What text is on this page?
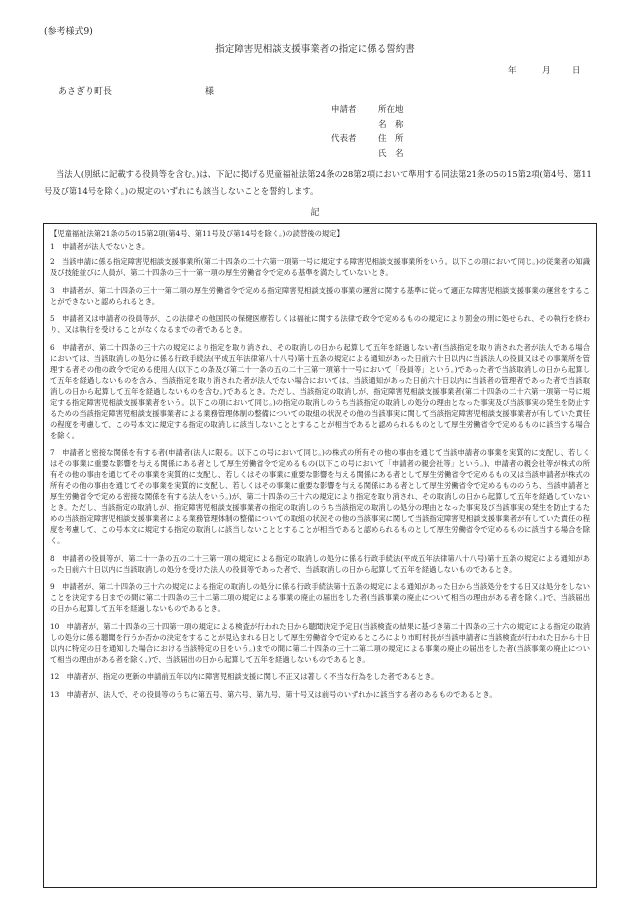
(参考様式9)
指定障害児相談支援事業者の指定に係る誓約書
年	月	日
あさぎり町長	様
申請者	所在地
名　称
代表者	住　所
氏　名

当法人(別紙に記載する役員等を含む。)は、下記に掲げる児童福祉法第24条の28第2項において準用する同法第21条の5の15第2項(第4号、第11号及び第14号を除く。)の規定のいずれにも該当しないことを誓約します。

記
【児童福祉法第21条の5の15第2項(第4号、第11号及び第14号を除く。)の読替後の規定】
1　申請者が法人でないとき。
2　当該申請に係る指定障害児相談支援事業所(第二十四条の二十六第一項第一号に規定する障害児相談支援事業所をいう。以下この項において同じ。)の従業者の知識及び技能並びに人員が、第二十四条の三十一第一項の厚生労働省令で定める基準を満たしていないとき。
3　申請者が、第二十四条の三十一第二項の厚生労働省令で定める指定障害児相談支援の事業の運営に関する基準に従って適正な障害児相談支援事業の運営をすることができないと認められるとき。
5　申請者又は申請者の役員等が、この法律その他国民の保健医療若しくは福祉に関する法律で政令で定めるものの規定により罰金の刑に処せられ、その執行を終わり、又は執行を受けることがなくなるまでの者であるとき。
6　申請者が、第二十四条の三十六の規定により指定を取り消され、その取消しの日から起算して五年を経過しない者(当該指定を取り消された者が法人である場合においては、当該取消しの処分に係る行政手続法(平成五年法律第八十八号)第十五条の規定による通知があった日前六十日以内に当該法人の役員又はその事業所を管理する者その他の政令で定める使用人(以下この条及び第二十一条の五の二十三第一項第十一号において「役員等」という。)であった者で当該取消しの日から起算して五年を経過しないものを含み、当該指定を取り消された者が法人でない場合においては、当該通知があった日前六十日以内に当該者の管理者であった者で当該取消しの日から起算して五年を経過しないものを含む。)であるとき。ただし、当該指定の取消しが、指定障害児相談支援事業者(第二十四条の二十六第一項第一号に規定する指定障害児相談支援事業者をいう。以下この項において同じ。)の指定の取消しのうち当該指定の取消しの処分の理由となった事実及び当該事実の発生を防止するための当該指定障害児相談支援事業者による業務管理体制の整備についての取組の状況その他の当該事実に関して当該指定障害児相談支援事業者が有していた責任の程度を考慮して、この号本文に規定する指定の取消しに該当しないこととすることが相当であると認められるものとして厚生労働省令で定めるものに該当する場合を除く。
7　申請者と密接な関係を有する者(申請者(法人に限る。以下この号において同じ。)の株式の所有その他の事由を通じて当該申請者の事業を実質的に支配し、若しくはその事業に重要な影響を与える関係にある者として厚生労働省令で定めるもの(以下この号において「申請者の親会社等」という。)、申請者の親会社等が株式の所有その他の事由を通じてその事業を実質的に支配し、若しくはその事業に重要な影響を与える関係にある者として厚生労働省令で定めるもの又は当該申請者が株式の所有その他の事由を通じてその事業を実質的に支配し、若しくはその事業に重要な影響を与える関係にある者として厚生労働省令で定めるもののうち、当該申請者と厚生労働省令で定める密接な関係を有する法人をいう。)が、第二十四条の三十六の規定により指定を取り消され、その取消しの日から起算して五年を経過していないとき。ただし、当該指定の取消しが、指定障害児相談支援事業者の指定の取消しのうち当該指定の取消しの処分の理由となった事実及び当該事実の発生を防止するための当該指定障害児相談支援事業者による業務管理体制の整備についての取組の状況その他の当該事実に関して当該指定障害児相談支援事業者が有していた責任の程度を考慮して、この号本文に規定する指定の取消しに該当しないこととすることが相当であると認められるものとして厚生労働省令で定めるものに該当する場合を除く。
8　申請者の役員等が、第二十一条の五の二十三第一項の規定による指定の取消しの処分に係る行政手続法(平成五年法律第八十八号)第十五条の規定による通知があった日前六十日以内に当該取消しの処分を受けた法人の役員等であった者で、当該取消しの日から起算して五年を経過しないものであるとき。
9　申請者が、第二十四条の三十六の規定による指定の取消しの処分に係る行政手続法第十五条の規定による通知があった日から当該処分をする日又は処分をしないことを決定する日までの間に第二十四条の三十二第二項の規定による事業の廃止の届出をした者(当該事業の廃止について相当の理由がある者を除く。)で、当該届出の日から起算して五年を経過しないものであるとき。
10　申請者が、第二十四条の三十四第一項の規定による検査が行われた日から聴聞決定予定日(当該検査の結果に基づき第二十四条の三十六の規定による指定の取消しの処分に係る聴聞を行うか否かの決定をすることが見込まれる日として厚生労働省令で定めるところにより市町村長が当該申請者に当該検査が行われた日から十日以内に特定の日を通知した場合における当該特定の日をいう。)までの間に第二十四条の三十二第二項の規定による事業の廃止の届出をした者(当該事業の廃止について相当の理由がある者を除く。)で、当該届出の日から起算して五年を経過しないものであるとき。
12　申請者が、指定の更新の申請前五年以内に障害児相談支援に関し不正又は著しく不当な行為をした者であるとき。
13　申請者が、法人で、その役員等のうちに第五号、第六号、第九号、第十号又は前号のいずれかに該当する者のあるものであるとき。
